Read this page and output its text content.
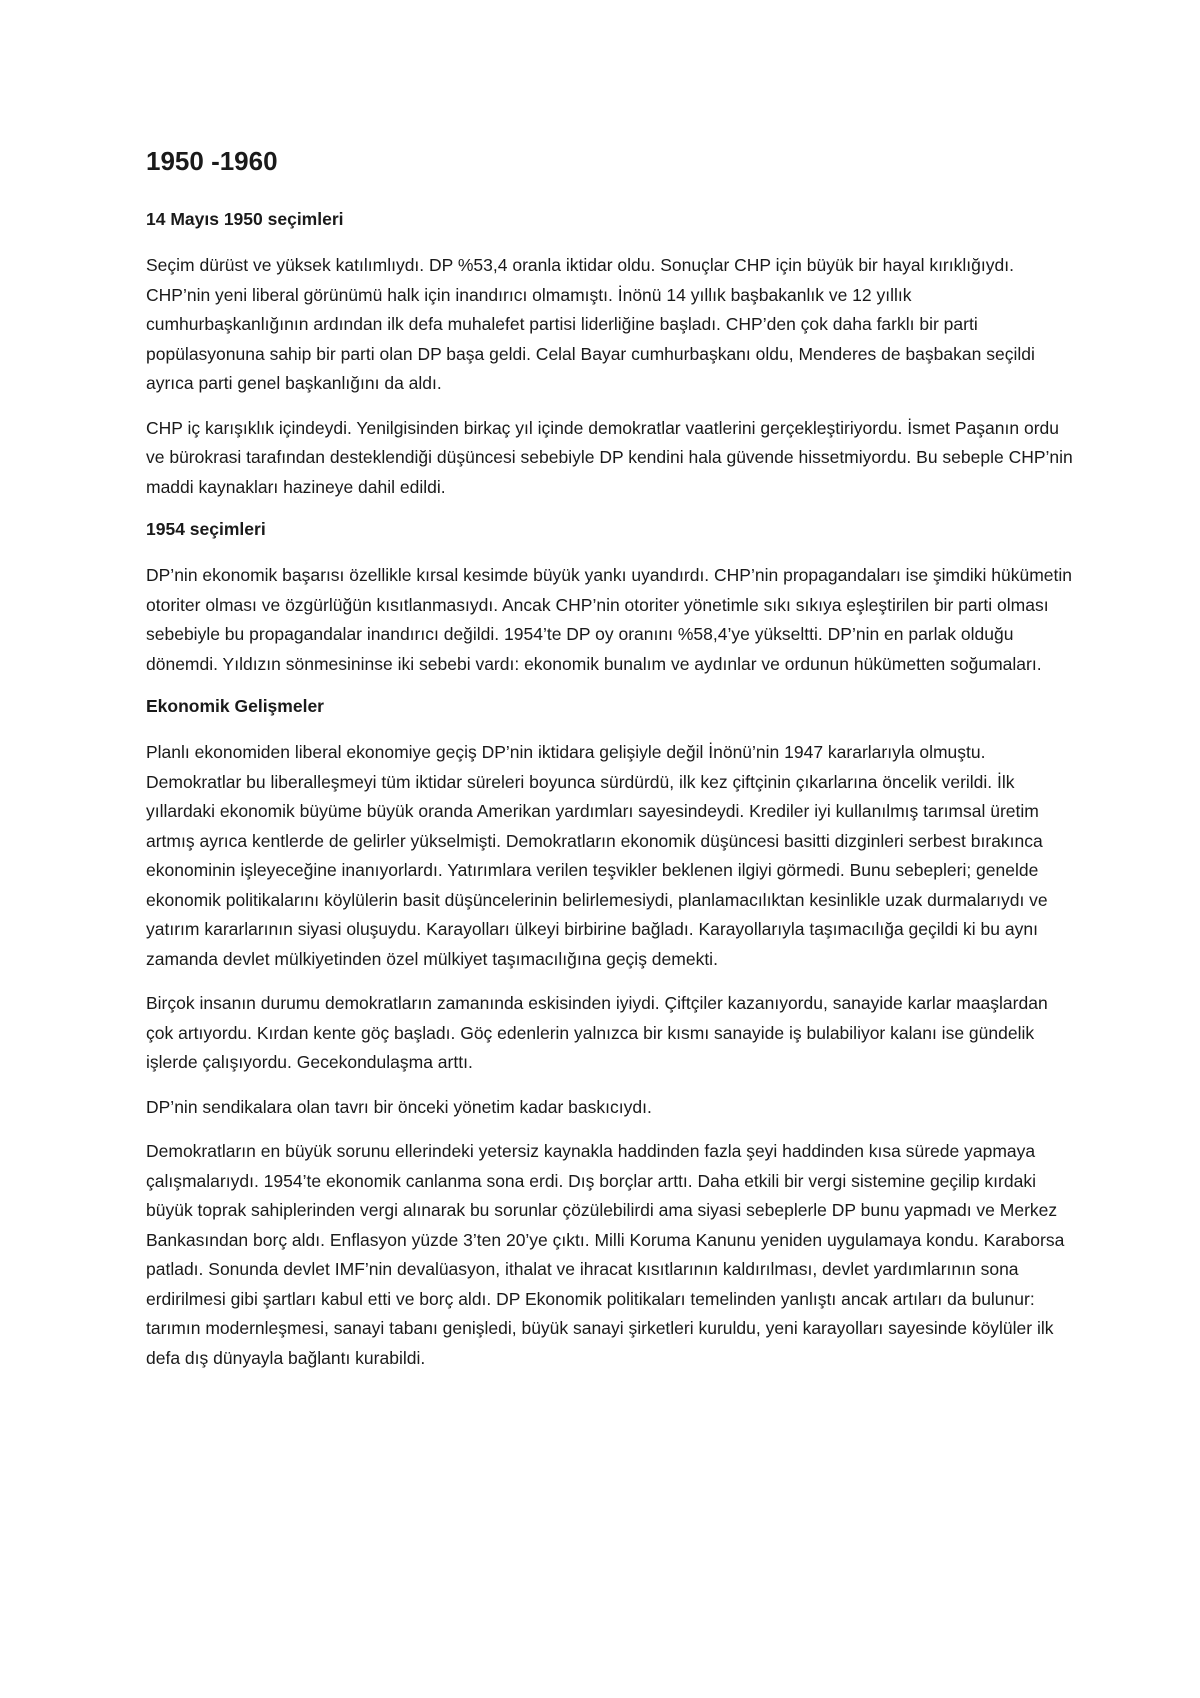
1950 -1960
14 Mayıs 1950 seçimleri

Seçim dürüst ve yüksek katılımlıydı. DP %53,4 oranla iktidar oldu. Sonuçlar CHP için büyük bir hayal kırıklığıydı. CHP’nin yeni liberal görünümü halk için inandırıcı olmamıştı. İnönü 14 yıllık başbakanlık ve 12 yıllık cumhurbaşkanlığının ardından ilk defa muhalefet partisi liderliğine başladı. CHP’den çok daha farklı bir parti popülasyonuna sahip bir parti olan DP başa geldi. Celal Bayar cumhurbaşkanı oldu, Menderes de başbakan seçildi ayrıca parti genel başkanlığını da aldı.

CHP iç karışıklık içindeydi. Yenilgisinden birkaç yıl içinde demokratlar vaatlerini gerçekleştiriyordu. İsmet Paşanın ordu ve bürokrasi tarafından desteklendiği düşüncesi sebebiyle DP kendini hala güvende hissetmiyordu. Bu sebeple CHP’nin maddi kaynakları hazineye dahil edildi.

1954 seçimleri

DP’nin ekonomik başarısı özellikle kırsal kesimde büyük yankı uyandırdı. CHP’nin propagandaları ise şimdiki hükümetin otoriter olması ve özgürlüğün kısıtlanmasıydı. Ancak CHP’nin otoriter yönetimle sıkı sıkıya eşleştirilen bir parti olması sebebiyle bu propagandalar inandırıcı değildi. 1954’te DP oy oranını %58,4’ye yükseltti. DP’nin en parlak olduğu dönemdi. Yıldızın sönmesininse iki sebebi vardı: ekonomik bunalım ve aydınlar ve ordunun hükümetten soğumaları.

Ekonomik Gelişmeler

Planlı ekonomiden liberal ekonomiye geçiş DP’nin iktidara gelişiyle değil İnönü’nin 1947 kararlarıyla olmuştu. Demokratlar bu liberalleşmeyi tüm iktidar süreleri boyunca sürdürdü, ilk kez çiftçinin çıkarlarına öncelik verildi. İlk yıllardaki ekonomik büyüme büyük oranda Amerikan yardımları sayesindeydi. Krediler iyi kullanılmış tarımsal üretim artmış ayrıca kentlerde de gelirler yükselmişti. Demokratların ekonomik düşüncesi basitti dizginleri serbest bırakınca ekonominin işleyeceğine inanıyorlardı. Yatırımlara verilen teşvikler beklenen ilgiyi görmedi. Bunu sebepleri; genelde ekonomik politikalarını köylülerin basit düşüncelerinin belirlemesiydi, planlamacılıktan kesinlikle uzak durmalarıydı ve yatırım kararlarının siyasi oluşuydu. Karayolları ülkeyi birbirine bağladı. Karayollarıyla taşımacılığa geçildi ki bu aynı zamanda devlet mülkiyetinden özel mülkiyet taşımacılığına geçiş demekti.

Birçok insanın durumu demokratların zamanında eskisinden iyiydi. Çiftçiler kazanıyordu, sanayide karlar maaşlardan çok artıyordu. Kırdan kente göç başladı. Göç edenlerin yalnızca bir kısmı sanayide iş bulabiliyor kalanı ise gündelik işlerde çalışıyordu. Gecekondulaşma arttı.

DP’nin sendikalara olan tavrı bir önceki yönetim kadar baskıcıydı.

Demokratların en büyük sorunu ellerindeki yetersiz kaynakla haddinden fazla şeyi haddinden kısa sürede yapmaya çalışmalarıydı. 1954’te ekonomik canlanma sona erdi. Dış borçlar arttı. Daha etkili bir vergi sistemine geçilip kırdaki büyük toprak sahiplerinden vergi alınarak bu sorunlar çözülebilirdi ama siyasi sebeplerle DP bunu yapmadı ve Merkez Bankasından borç aldı. Enflasyon yüzde 3’ten 20’ye çıktı. Milli Koruma Kanunu yeniden uygulamaya kondu. Karaborsa patladı. Sonunda devlet IMF’nin devalüasyon, ithalat ve ihracat kısıtlarının kaldırılması, devlet yardımlarının sona erdirilmesi gibi şartları kabul etti ve borç aldı. DP Ekonomik politikaları temelinden yanlıştı ancak artıları da bulunur: tarımın modernleşmesi, sanayi tabanı genişledi, büyük sanayi şirketleri kuruldu, yeni karayolları sayesinde köylüler ilk defa dış dünyayla bağlantı kurabildi.
